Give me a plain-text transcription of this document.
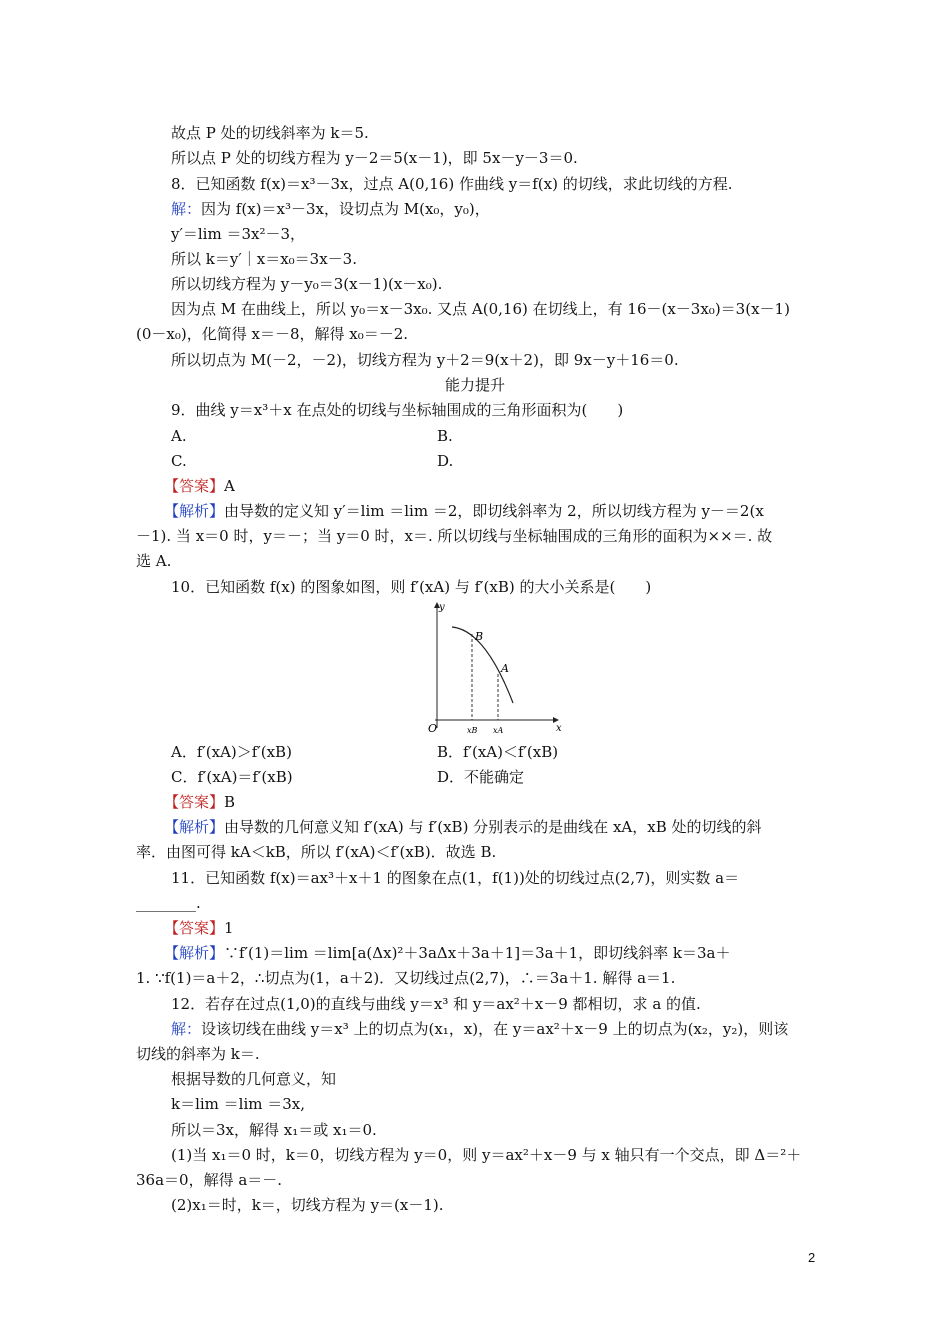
故点 P 处的切线斜率为 k＝5.
所以点 P 处的切线方程为 y－2＝5(x－1)，即 5x－y－3＝0.
8．已知函数 f(x)＝x³－3x，过点 A(0,16) 作曲线 y＝f(x) 的切线，求此切线的方程.
解：因为 f(x)＝x³－3x，设切点为 M(x₀，y₀)，
y′＝lim ＝3x²－3，
所以 k＝y′｜x＝x₀＝3x－3.
所以切线方程为 y－y₀＝3(x－1)(x－x₀).
因为点 M 在曲线上，所以 y₀＝x－3x₀. 又点 A(0,16) 在切线上，有 16－(x－3x₀)＝3(x－1)
(0－x₀)，化简得 x＝－8，解得 x₀＝－2.
所以切点为 M(－2，－2)，切线方程为 y＋2＝9(x＋2)，即 9x－y＋16＝0.
能力提升
9．曲线 y＝x³＋x 在点处的切线与坐标轴围成的三角形面积为(　　)
A.	B.
C.	D.
【答案】A
【解析】由导数的定义知 y′＝lim ＝lim ＝2，即切线斜率为 2，所以切线方程为 y－＝2(x
－1). 当 x＝0 时，y＝－；当 y＝0 时，x＝. 所以切线与坐标轴围成的三角形的面积为××＝. 故
选 A.
10．已知函数 f(x) 的图象如图，则 f′(xA) 与 f′(xB) 的大小关系是(　　)
y
x
O
B
A
xB xA
A．f′(xA)＞f′(xB)	B．f′(xA)＜f′(xB)
C．f′(xA)＝f′(xB)	D．不能确定
【答案】B
【解析】由导数的几何意义知 f′(xA) 与 f′(xB) 分别表示的是曲线在 xA，xB 处的切线的斜
率．由图可得 kA＜kB，所以 f′(xA)＜f′(xB)．故选 B.
11．已知函数 f(x)＝ax³＋x＋1 的图象在点(1，f(1))处的切线过点(2,7)，则实数 a＝
________.
【答案】1
【解析】∵f′(1)＝lim ＝lim[a(Δx)²＋3aΔx＋3a＋1]＝3a＋1，即切线斜率 k＝3a＋
1. ∵f(1)＝a＋2，∴切点为(1，a＋2)．又切线过点(2,7)，∴＝3a＋1. 解得 a＝1.
12．若存在过点(1,0)的直线与曲线 y＝x³ 和 y＝ax²＋x－9 都相切，求 a 的值.
解：设该切线在曲线 y＝x³ 上的切点为(x₁，x)，在 y＝ax²＋x－9 上的切点为(x₂，y₂)，则该
切线的斜率为 k＝.
根据导数的几何意义，知
k＝lim ＝lim ＝3x,
所以＝3x，解得 x₁＝或 x₁＝0.
(1)当 x₁＝0 时，k＝0，切线方程为 y＝0，则 y＝ax²＋x－9 与 x 轴只有一个交点，即 Δ＝²＋
36a＝0，解得 a＝－.
(2)x₁＝时，k＝，切线方程为 y＝(x－1).
2
